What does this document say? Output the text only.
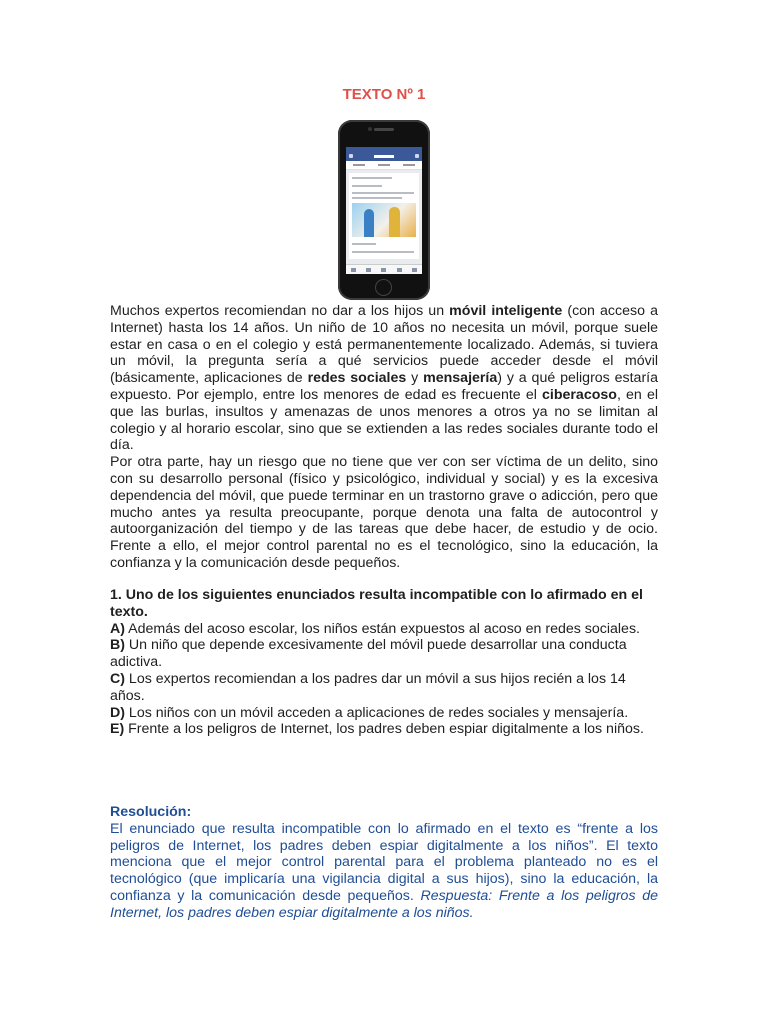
TEXTO Nº 1

Muchos expertos recomiendan no dar a los hijos un móvil inteligente (con acceso a Internet) hasta los 14 años. Un niño de 10 años no necesita un móvil, porque suele estar en casa o en el colegio y está permanentemente localizado. Además, si tuviera un móvil, la pregunta sería a qué servicios puede acceder desde el móvil (básicamente, aplicaciones de redes sociales y mensajería) y a qué peligros estaría expuesto. Por ejemplo, entre los menores de edad es frecuente el ciberacoso, en el que las burlas, insultos y amenazas de unos menores a otros ya no se limitan al colegio y al horario escolar, sino que se extienden a las redes sociales durante todo el día.

Por otra parte, hay un riesgo que no tiene que ver con ser víctima de un delito, sino con su desarrollo personal (físico y psicológico, individual y social) y es la excesiva dependencia del móvil, que puede terminar en un trastorno grave o adicción, pero que mucho antes ya resulta preocupante, porque denota una falta de autocontrol y autoorganización del tiempo y de las tareas que debe hacer, de estudio y de ocio. Frente a ello, el mejor control parental no es el tecnológico, sino la educación, la confianza y la comunicación desde pequeños.

1. Uno de los siguientes enunciados resulta incompatible con lo afirmado en el texto.

A) Además del acoso escolar, los niños están expuestos al acoso en redes sociales.

B) Un niño que depende excesivamente del móvil puede desarrollar una conducta adictiva.

C) Los expertos recomiendan a los padres dar un móvil a sus hijos recién a los 14 años.

D) Los niños con un móvil acceden a aplicaciones de redes sociales y mensajería.

E) Frente a los peligros de Internet, los padres deben espiar digitalmente a los niños.

Resolución:

El enunciado que resulta incompatible con lo afirmado en el texto es “frente a los peligros de Internet, los padres deben espiar digitalmente a los niños”. El texto menciona que el mejor control parental para el problema planteado no es el tecnológico (que implicaría una vigilancia digital a sus hijos), sino la educación, la confianza y la comunicación desde pequeños. Respuesta: Frente a los peligros de Internet, los padres deben espiar digitalmente a los niños.
